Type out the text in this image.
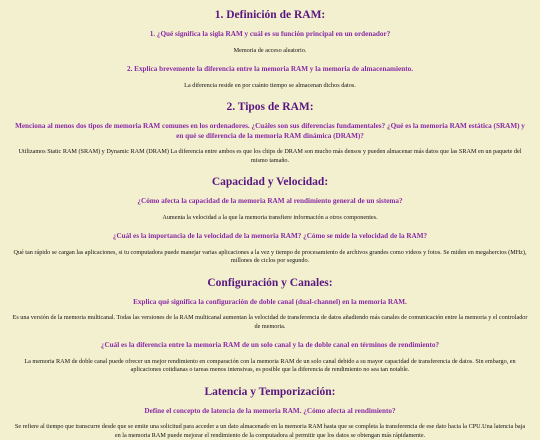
1. Definición de RAM:
1. ¿Qué significa la sigla RAM y cuál es su función principal en un ordenador?
Memoria de acceso aleatorio.
2. Explica brevemente la diferencia entre la memoria RAM y la memoria de almacenamiento.
La diferencia reside en por cuánto tiempo se almacenan dichos datos.
2. Tipos de RAM:
Menciona al menos dos tipos de memoria RAM comunes en los ordenadores. ¿Cuáles son sus diferencias fundamentales? ¿Qué es la memoria RAM estática (SRAM) y en qué se diferencia de la memoria RAM dinámica (DRAM)?
Utilizamos Static RAM (SRAM) y Dynamic RAM (DRAM) La diferencia entre ambos es que los chips de DRAM son mucho más densos y pueden almacenar más datos que las SRAM en un paquete del mismo tamaño.
Capacidad y Velocidad:
¿Cómo afecta la capacidad de la memoria RAM al rendimiento general de un sistema?
Aumenta la velocidad a la que la memoria transfiere información a otros componentes.
¿Cuál es la importancia de la velocidad de la memoria RAM? ¿Cómo se mide la velocidad de la RAM?
Qué tan rápido se cargan las aplicaciones, si tu computadora puede manejar varias aplicaciones a la vez y tiempo de procesamiento de archivos grandes como videos y fotos. Se miden en megahercios (MHz), millones de ciclos por segundo.
Configuración y Canales:
Explica qué significa la configuración de doble canal (dual-channel) en la memoria RAM.
Es una versión de la memoria multicanal. Todas las versiones de la RAM multicanal aumentan la velocidad de transferencia de datos añadiendo más canales de comunicación entre la memoria y el controlador de memoria.
¿Cuál es la diferencia entre la memoria RAM de un solo canal y la de doble canal en términos de rendimiento?
La memoria RAM de doble canal puede ofrecer un mejor rendimiento en comparación con la memoria RAM de un solo canal debido a su mayor capacidad de transferencia de datos. Sin embargo, en aplicaciones cotidianas o tareas menos intensivas, es posible que la diferencia de rendimiento no sea tan notable.
Latencia y Temporización:
Define el concepto de latencia de la memoria RAM. ¿Cómo afecta al rendimiento?
Se refiere al tiempo que transcurre desde que se emite una solicitud para acceder a un dato almacenado en la memoria RAM hasta que se completa la transferencia de ese dato hacia la CPU.Una latencia baja en la memoria RAM puede mejorar el rendimiento de la computadora al permitir que los datos se obtengan más rápidamente.
